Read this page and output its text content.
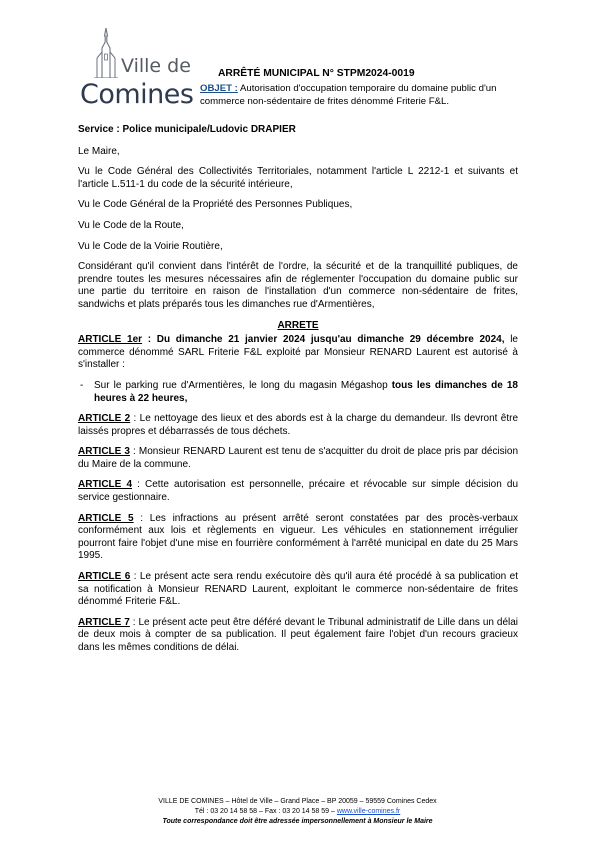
Ville de
Comines
ARRÊTÉ MUNICIPAL N° STPM2024-0019
OBJET : Autorisation d'occupation temporaire du domaine public d'un commerce non-sédentaire de frites dénommé Friterie F&L.

Service : Police municipale/Ludovic DRAPIER

Le Maire,

Vu le Code Général des Collectivités Territoriales, notamment l'article L 2212-1 et suivants et l'article L.511-1 du code de la sécurité intérieure,

Vu le Code Général de la Propriété des Personnes Publiques,

Vu le Code de la Route,

Vu le Code de la Voirie Routière,

Considérant qu'il convient dans l'intérêt de l'ordre, la sécurité et de la tranquillité publiques, de prendre toutes les mesures nécessaires afin de réglementer l'occupation du domaine public sur une partie du territoire en raison de l'installation d'un commerce non-sédentaire de frites, sandwichs et plats préparés tous les dimanches rue d'Armentières,

ARRETE

ARTICLE 1er : Du dimanche 21 janvier 2024 jusqu'au dimanche 29 décembre 2024, le commerce dénommé SARL Friterie F&L exploité par Monsieur RENARD Laurent est autorisé à s'installer :

-	Sur le parking rue d'Armentières, le long du magasin Mégashop tous les dimanches de 18 heures à 22 heures,

ARTICLE 2 : Le nettoyage des lieux et des abords est à la charge du demandeur. Ils devront être laissés propres et débarrassés de tous déchets.

ARTICLE 3 : Monsieur RENARD Laurent est tenu de s'acquitter du droit de place pris par décision du Maire de la commune.

ARTICLE 4 : Cette autorisation est personnelle, précaire et révocable sur simple décision du service gestionnaire.

ARTICLE 5 : Les infractions au présent arrêté seront constatées par des procès-verbaux conformément aux lois et règlements en vigueur. Les véhicules en stationnement irrégulier pourront faire l'objet d'une mise en fourrière conformément à l'arrêté municipal en date du 25 Mars 1995.

ARTICLE 6 : Le présent acte sera rendu exécutoire dès qu'il aura été procédé à sa publication et sa notification à Monsieur RENARD Laurent, exploitant le commerce non-sédentaire de frites dénommé Friterie F&L.

ARTICLE 7 : Le présent acte peut être déféré devant le Tribunal administratif de Lille dans un délai de deux mois à compter de sa publication. Il peut également faire l'objet d'un recours gracieux dans les mêmes conditions de délai.

VILLE DE COMINES – Hôtel de Ville – Grand Place – BP 20059 – 59559 Comines Cedex
Tél : 03 20 14 58 58 – Fax : 03 20 14 58 59 – www.ville-comines.fr
Toute correspondance doit être adressée impersonnellement à Monsieur le Maire
